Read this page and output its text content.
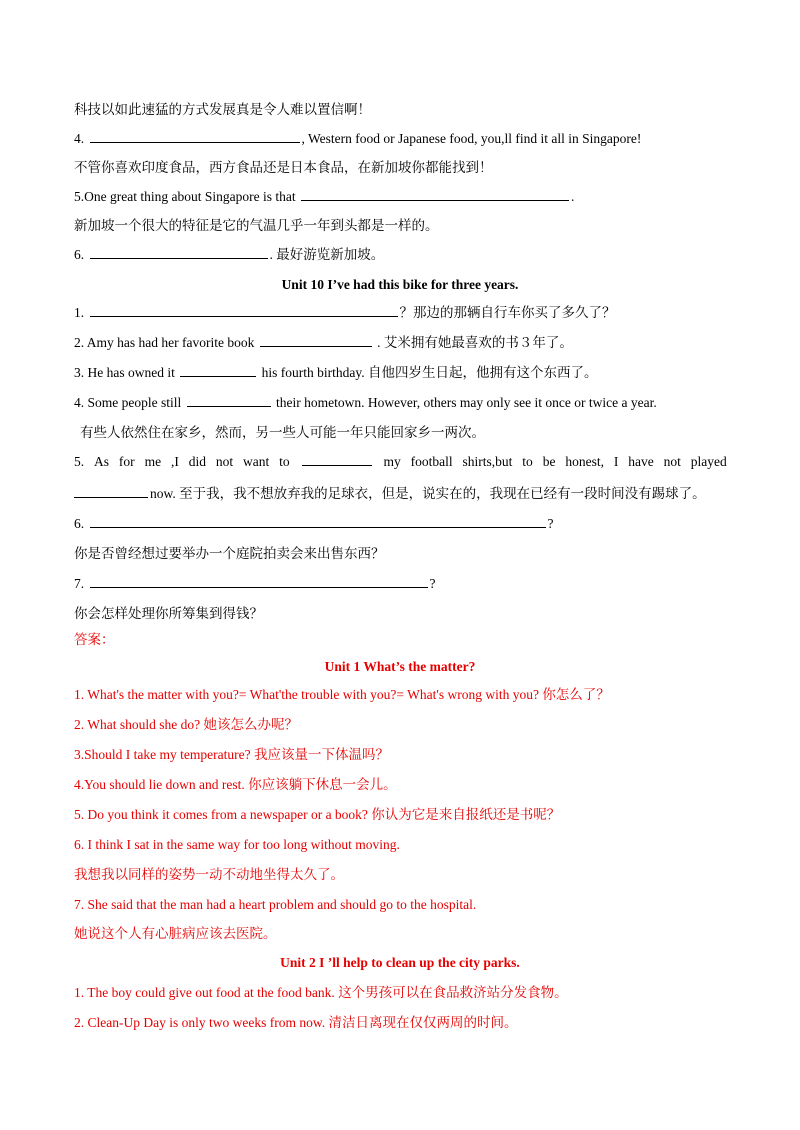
科技以如此速猛的方式发展真是令人难以置信啊！
4.	, Western food or Japanese food, you,ll find it all in Singapore!
不管你喜欢印度食品，西方食品还是日本食品，在新加坡你都能找到！
5.One great thing about Singapore is that	.
新加坡一个很大的特征是它的气温几乎一年到头都是一样的。
6.	. 最好游览新加坡。
Unit 10 I’ve had this bike for three years.
1.	？那边的那辆自行车你买了多久了？
2. Amy has had her favorite book	. 艾米拥有她最喜欢的书３年了。
3. He has owned it	his fourth birthday. 自他四岁生日起，他拥有这个东西了。
4. Some people still	their hometown. However, others may only see it once or twice a year.
有些人依然住在家乡，然而，另一些人可能一年只能回家乡一两次。
5. As for me ,I did not want to	my football shirts,but to be honest, I have not played
now. 至于我，我不想放弃我的足球衣，但是，说实在的，我现在已经有一段时间没有踢球了。
6.	?
你是否曾经想过要举办一个庭院拍卖会来出售东西？
7.	?
你会怎样处理你所筹集到得钱？
答案：
Unit 1 What’s the matter?
1. What's the matter with you?= What'the trouble with you?= What's wrong with you? 你怎么了？
2. What should she do? 她该怎么办呢？
3.Should I take my temperature? 我应该量一下体温吗？
4.You should lie down and rest. 你应该躺下休息一会儿。
5. Do you think it comes from a newspaper or a book? 你认为它是来自报纸还是书呢？
6. I think I sat in the same way for too long without moving.
我想我以同样的姿势一动不动地坐得太久了。
7. She said that the man had a heart problem and should go to the hospital.
她说这个人有心脏病应该去医院。
Unit 2 I ’ll help to clean up the city parks.
1. The boy could give out food at the food bank. 这个男孩可以在食品救济站分发食物。
2. Clean-Up Day is only two weeks from now. 清洁日离现在仅仅两周的时间。
